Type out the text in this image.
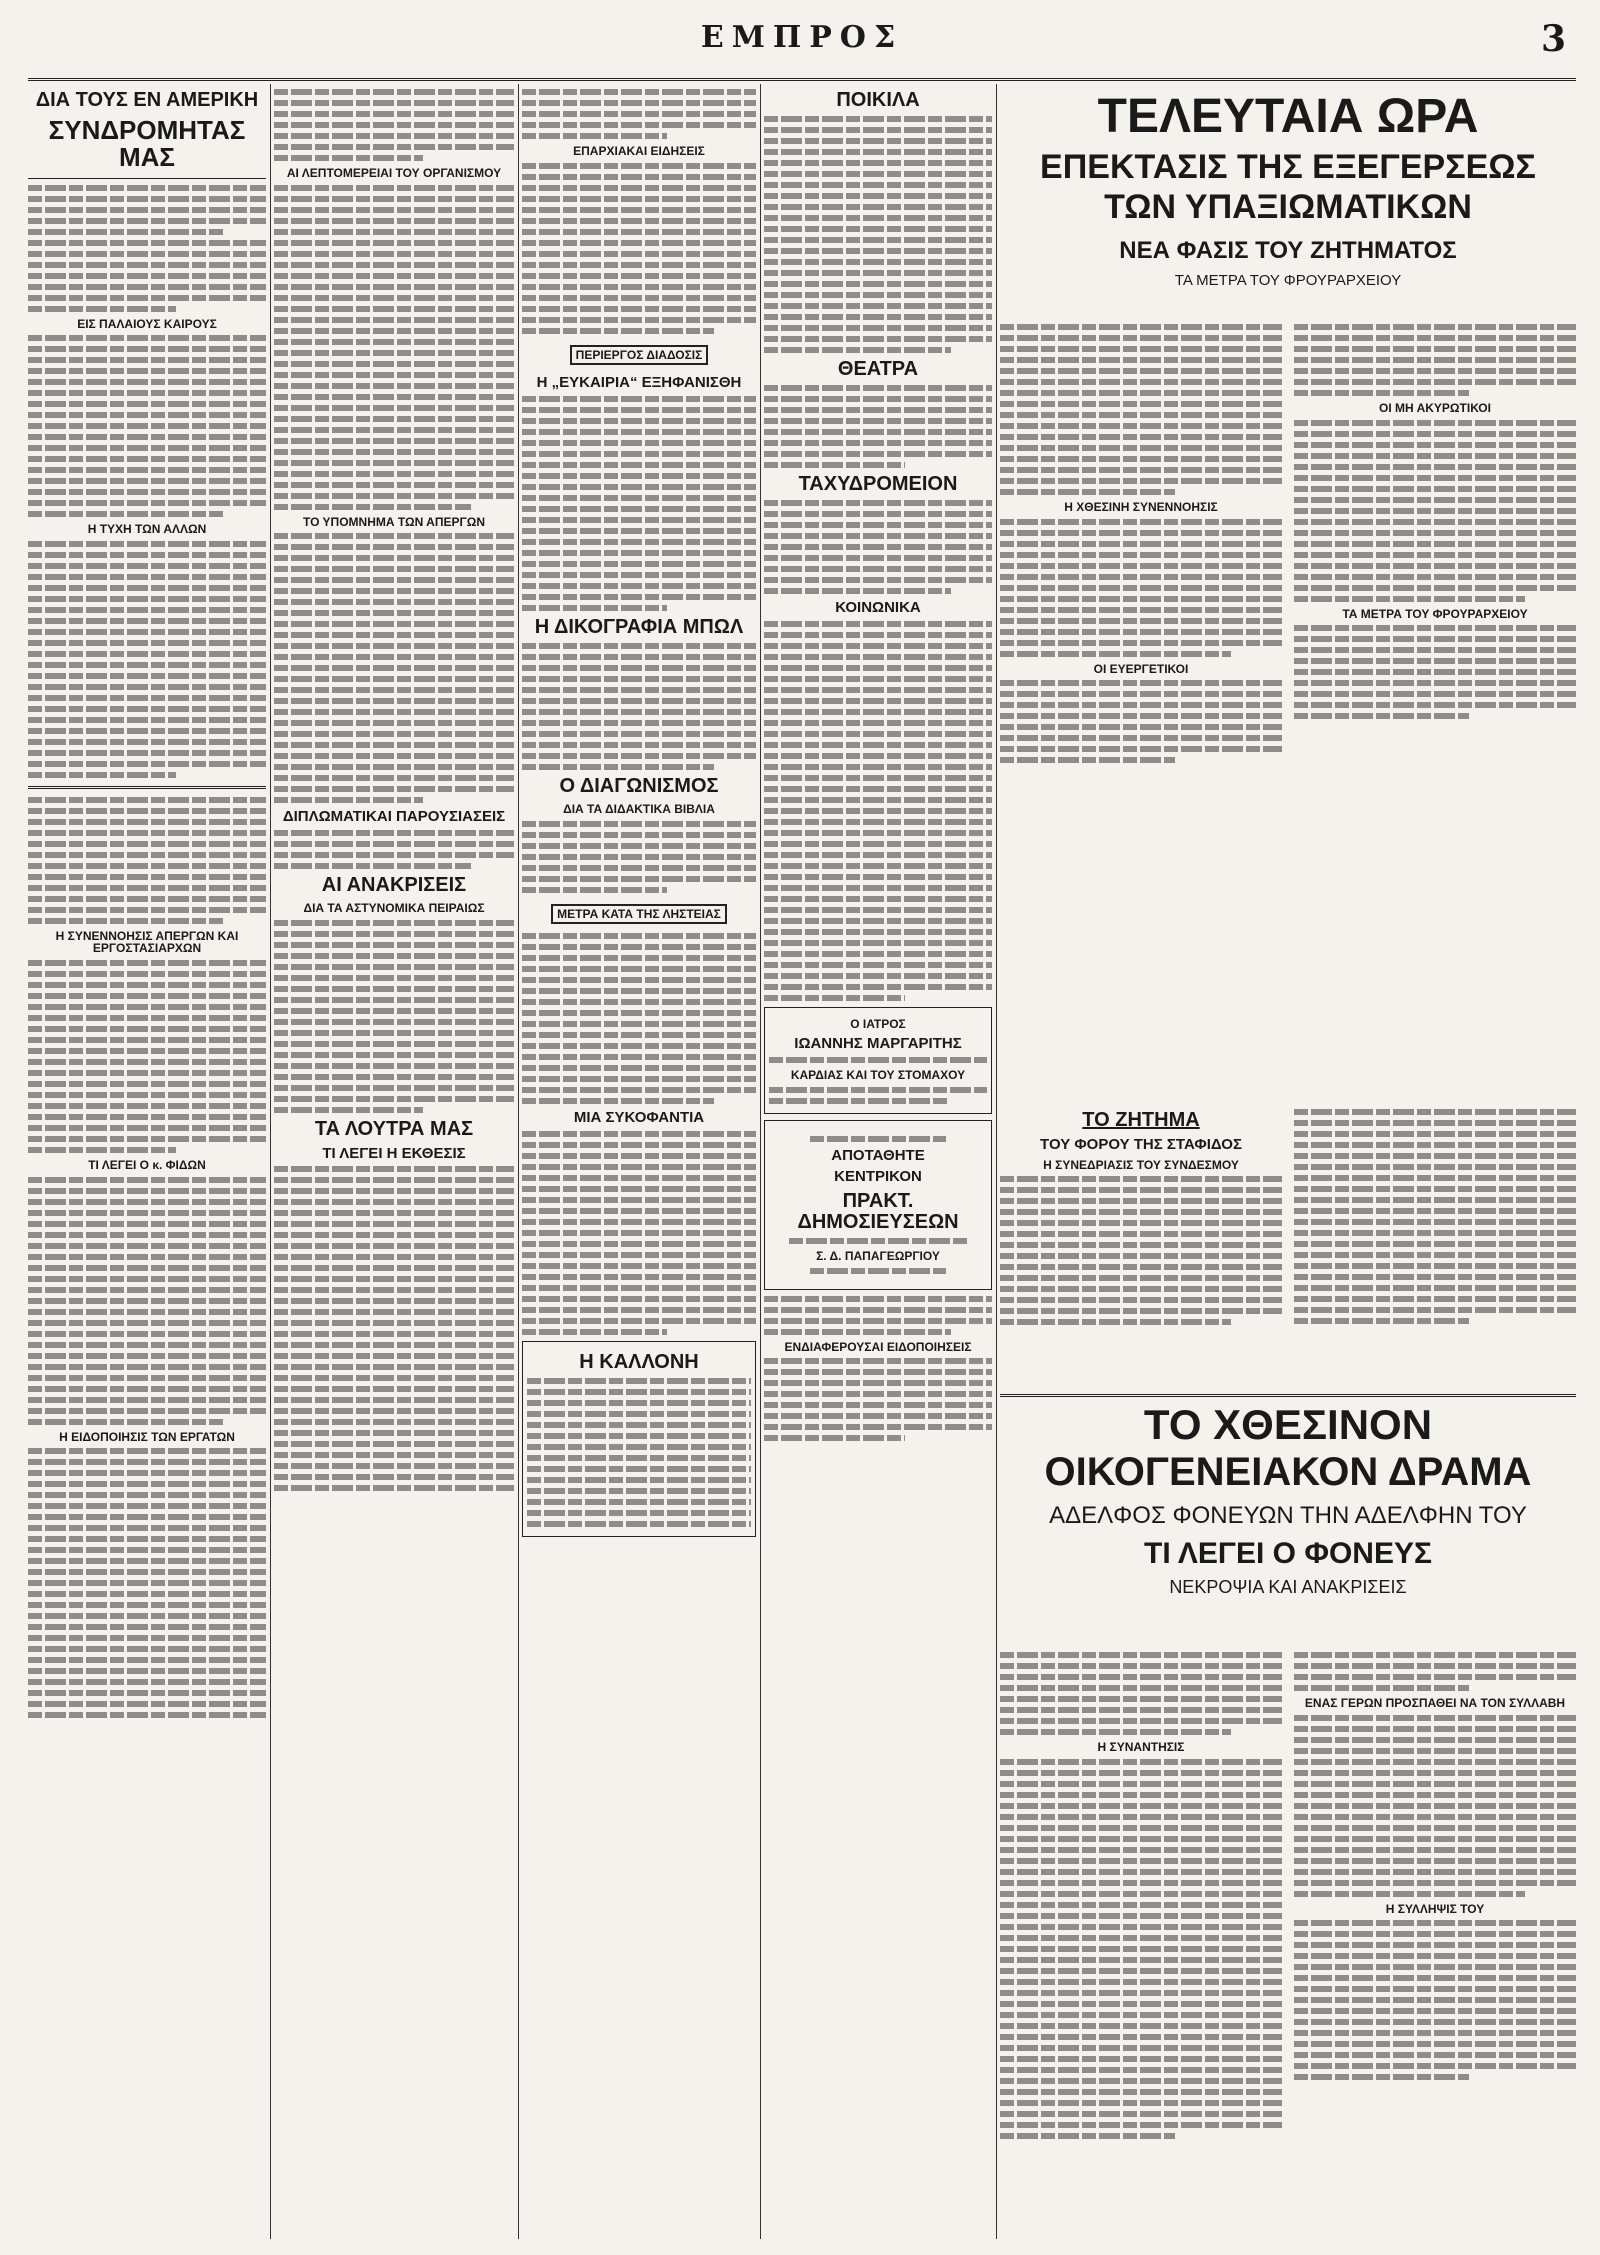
ΕΜΠΡΟΣ	3
ΔΙΑ ΤΟΥΣ ΕΝ ΑΜΕΡΙΚΗ
ΣΥΝΔΡΟΜΗΤΑΣ ΜΑΣ
ΕΙΣ ΠΑΛΑΙΟΥΣ ΚΑΙΡΟΥΣ
Η ΤΥΧΗ ΤΩΝ ΑΛΛΩΝ
Η ΣΥΝΕΝΝΟΗΣΙΣ ΑΠΕΡΓΩΝ ΚΑΙ ΕΡΓΟΣΤΑΣΙΑΡΧΩΝ
ΤΙ ΛΕΓΕΙ Ο κ. ΦΙΔΩΝ
Η ΕΙΔΟΠΟΙΗΣΙΣ ΤΩΝ ΕΡΓΑΤΩΝ
ΑΙ ΛΕΠΤΟΜΕΡΕΙΑΙ ΤΟΥ ΟΡΓΑΝΙΣΜΟΥ
ΤΟ ΥΠΟΜΝΗΜΑ ΤΩΝ ΑΠΕΡΓΩΝ
ΔΙΠΛΩΜΑΤΙΚΑΙ ΠΑΡΟΥΣΙΑΣΕΙΣ
ΑΙ ΑΝΑΚΡΙΣΕΙΣ
ΔΙΑ ΤΑ ΑΣΤΥΝΟΜΙΚΑ ΠΕΙΡΑΙΩΣ
ΤΑ ΛΟΥΤΡΑ ΜΑΣ
ΤΙ ΛΕΓΕΙ Η ΕΚΘΕΣΙΣ
ΕΠΑΡΧΙΑΚΑΙ ΕΙΔΗΣΕΙΣ
ΠΕΡΙΕΡΓΟΣ ΔΙΑΔΟΣΙΣ
Η „ΕΥΚΑΙΡΙΑ“ ΕΞΗΦΑΝΙΣΘΗ
Η ΔΙΚΟΓΡΑΦΙΑ ΜΠΩΛ
Ο ΔΙΑΓΩΝΙΣΜΟΣ
ΔΙΑ ΤΑ ΔΙΔΑΚΤΙΚΑ ΒΙΒΛΙΑ
ΜΕΤΡΑ ΚΑΤΑ ΤΗΣ ΛΗΣΤΕΙΑΣ
ΜΙΑ ΣΥΚΟΦΑΝΤΙΑ
Η ΚΑΛΛΟΝΗ
ΠΟΙΚΙΛΑ
ΘΕΑΤΡΑ
ΤΑΧΥΔΡΟΜΕΙΟΝ
ΚΟΙΝΩΝΙΚΑ
Ο ΙΑΤΡΟΣ
ΙΩΑΝΝΗΣ ΜΑΡΓΑΡΙΤΗΣ
ΚΑΡΔΙΑΣ ΚΑΙ ΤΟΥ ΣΤΟΜΑΧΟΥ
ΑΠΟΤΑΘΗΤΕ
ΚΕΝΤΡΙΚΟΝ
ΠΡΑΚΤ. ΔΗΜΟΣΙΕΥΣΕΩΝ
Σ. Δ. ΠΑΠΑΓΕΩΡΓΙΟΥ
ΕΝΔΙΑΦΕΡΟΥΣΑΙ ΕΙΔΟΠΟΙΗΣΕΙΣ
ΤΕΛΕΥΤΑΙΑ ΩΡΑ
ΕΠΕΚΤΑΣΙΣ ΤΗΣ ΕΞΕΓΕΡΣΕΩΣ
ΤΩΝ ΥΠΑΞΙΩΜΑΤΙΚΩΝ
ΝΕΑ ΦΑΣΙΣ ΤΟΥ ΖΗΤΗΜΑΤΟΣ
ΤΑ ΜΕΤΡΑ ΤΟΥ ΦΡΟΥΡΑΡΧΕΙΟΥ
Η ΧΘΕΣΙΝΗ ΣΥΝΕΝΝΟΗΣΙΣ
ΟΙ ΕΥΕΡΓΕΤΙΚΟΙ
ΟΙ ΜΗ ΑΚΥΡΩΤΙΚΟΙ
ΤΑ ΜΕΤΡΑ ΤΟΥ ΦΡΟΥΡΑΡΧΕΙΟΥ
ΤΟ ΖΗΤΗΜΑ
ΤΟΥ ΦΟΡΟΥ ΤΗΣ ΣΤΑΦΙΔΟΣ
Η ΣΥΝΕΔΡΙΑΣΙΣ ΤΟΥ ΣΥΝΔΕΣΜΟΥ
ΤΟ ΧΘΕΣΙΝΟΝ
ΟΙΚΟΓΕΝΕΙΑΚΟΝ ΔΡΑΜΑ
ΑΔΕΛΦΟΣ ΦΟΝΕΥΩΝ ΤΗΝ ΑΔΕΛΦΗΝ ΤΟΥ
ΤΙ ΛΕΓΕΙ Ο ΦΟΝΕΥΣ
ΝΕΚΡΟΨΙΑ ΚΑΙ ΑΝΑΚΡΙΣΕΙΣ
Η ΣΥΝΑΝΤΗΣΙΣ
ΕΝΑΣ ΓΕΡΩΝ ΠΡΟΣΠΑΘΕΙ ΝΑ ΤΟΝ ΣΥΛΛΑΒΗ
Η ΣΥΛΛΗΨΙΣ ΤΟΥ
